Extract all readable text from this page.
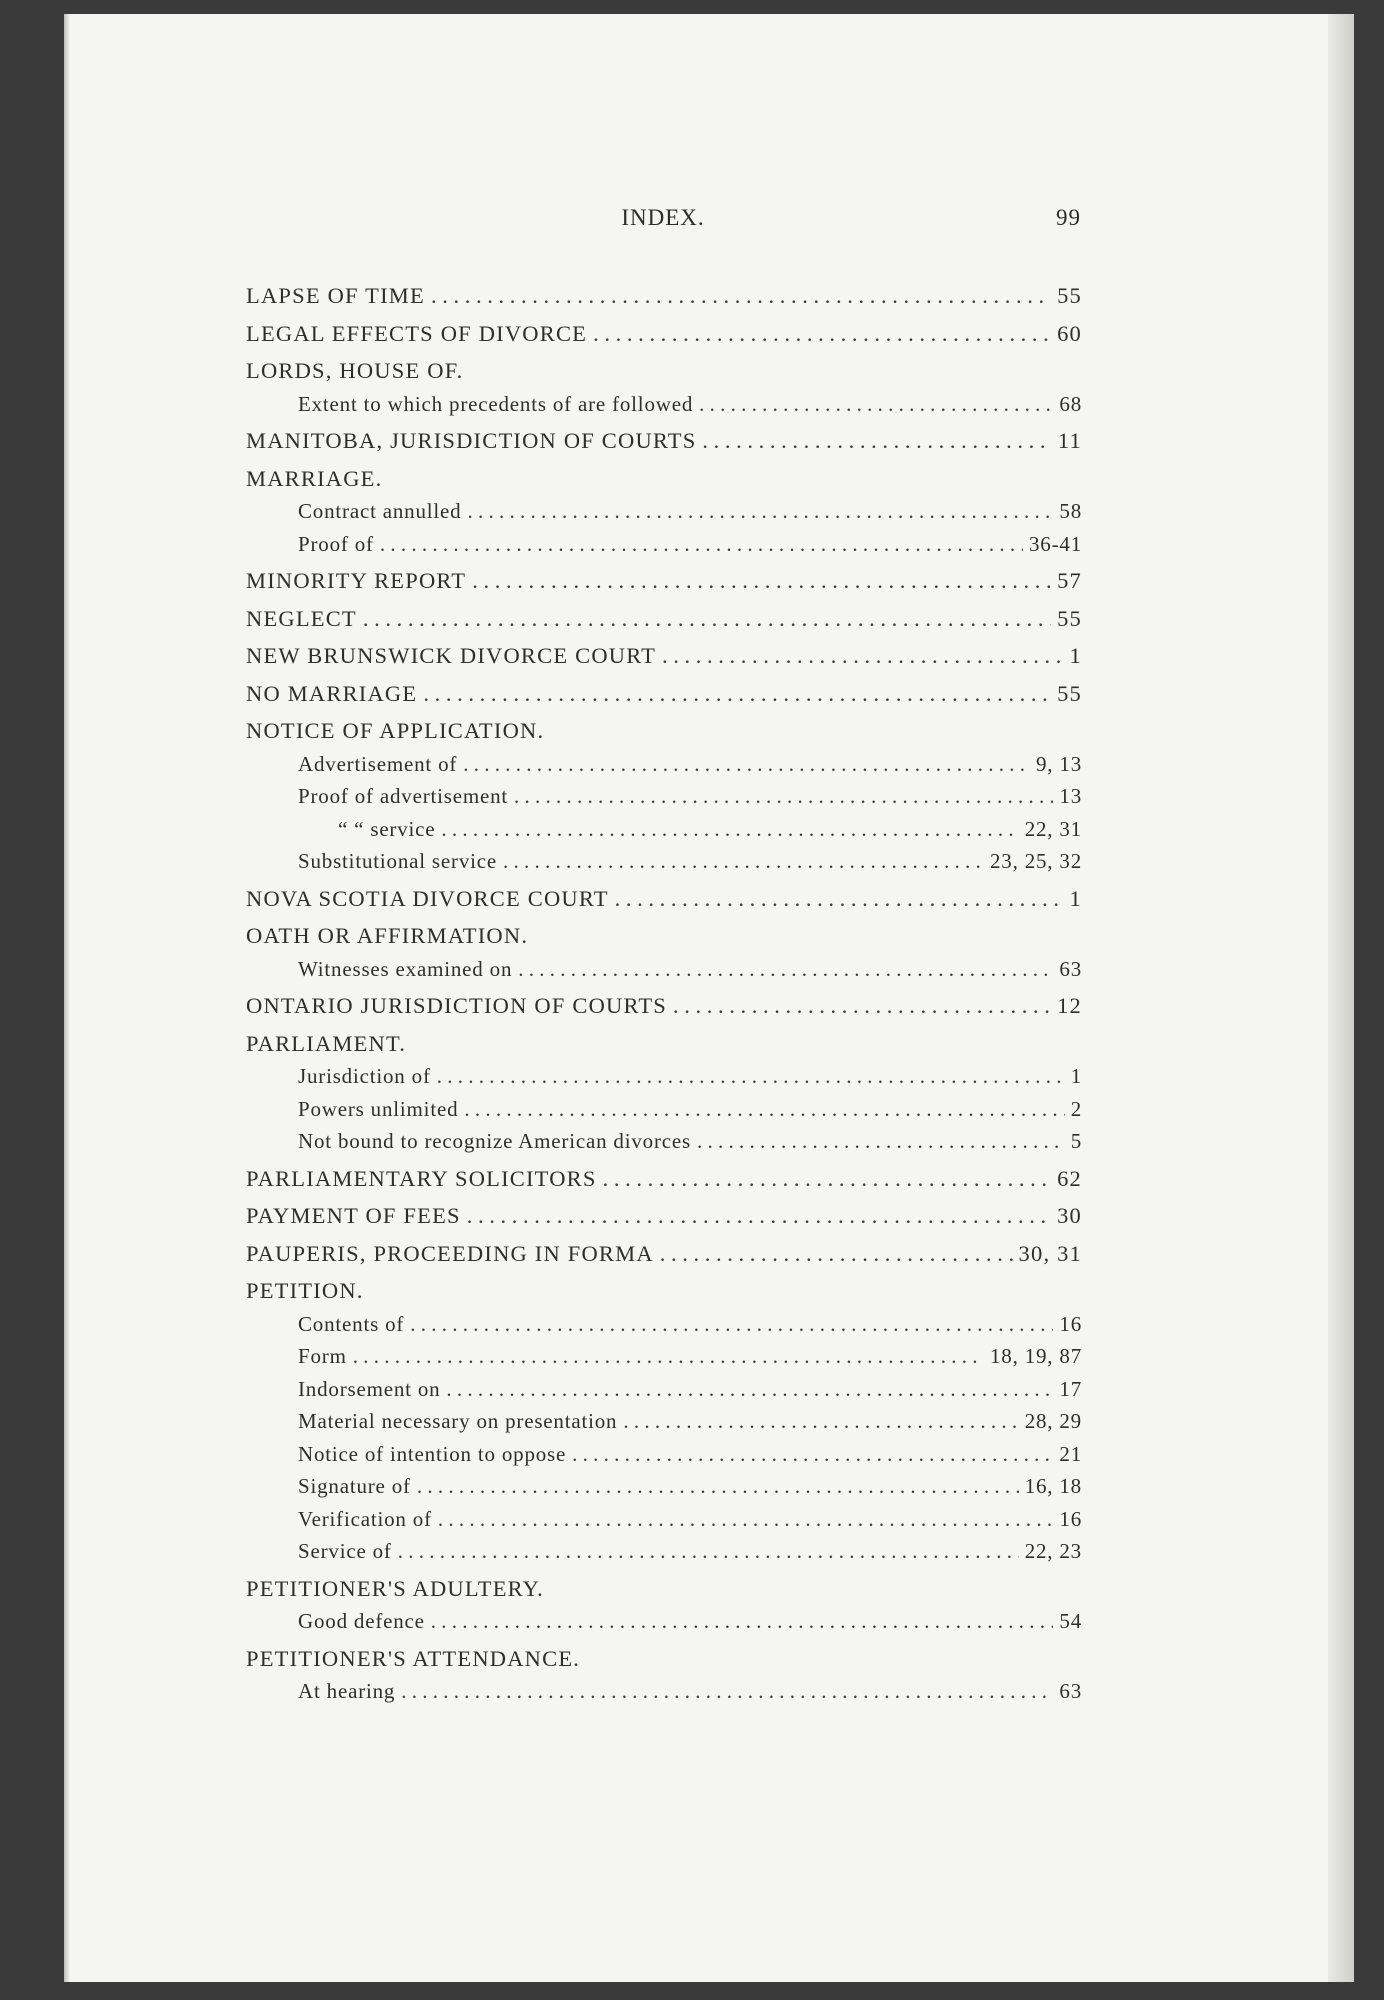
INDEX.	99
LAPSE OF TIME . . .	55
LEGAL EFFECTS OF DIVORCE . . .	60
LORDS, HOUSE OF.
Extent to which precedents of are followed . . .	68
MANITOBA, JURISDICTION OF COURTS . . .	11
MARRIAGE.
Contract annulled . . .	58
Proof of . . .	36-41
MINORITY REPORT . . .	57
NEGLECT . . .	55
NEW BRUNSWICK DIVORCE COURT . . .	1
NO MARRIAGE . . .	55
NOTICE OF APPLICATION.
Advertisement of . . .	9, 13
Proof of advertisement . . .	13
“ “ service . . .	22, 31
Substitutional service . . .	23, 25, 32
NOVA SCOTIA DIVORCE COURT . . .	1
OATH OR AFFIRMATION.
Witnesses examined on . . .	63
ONTARIO JURISDICTION OF COURTS . . .	12
PARLIAMENT.
Jurisdiction of . . .	1
Powers unlimited . . .	2
Not bound to recognize American divorces . . .	5
PARLIAMENTARY SOLICITORS . . .	62
PAYMENT OF FEES . . .	30
PAUPERIS, PROCEEDING IN FORMA . . .	30, 31
PETITION.
Contents of . . .	16
Form . . .	18, 19, 87
Indorsement on . . .	17
Material necessary on presentation . . .	28, 29
Notice of intention to oppose . . .	21
Signature of . . .	16, 18
Verification of . . .	16
Service of . . .	22, 23
PETITIONER'S ADULTERY.
Good defence . . .	54
PETITIONER'S ATTENDANCE.
At hearing . . .	63
